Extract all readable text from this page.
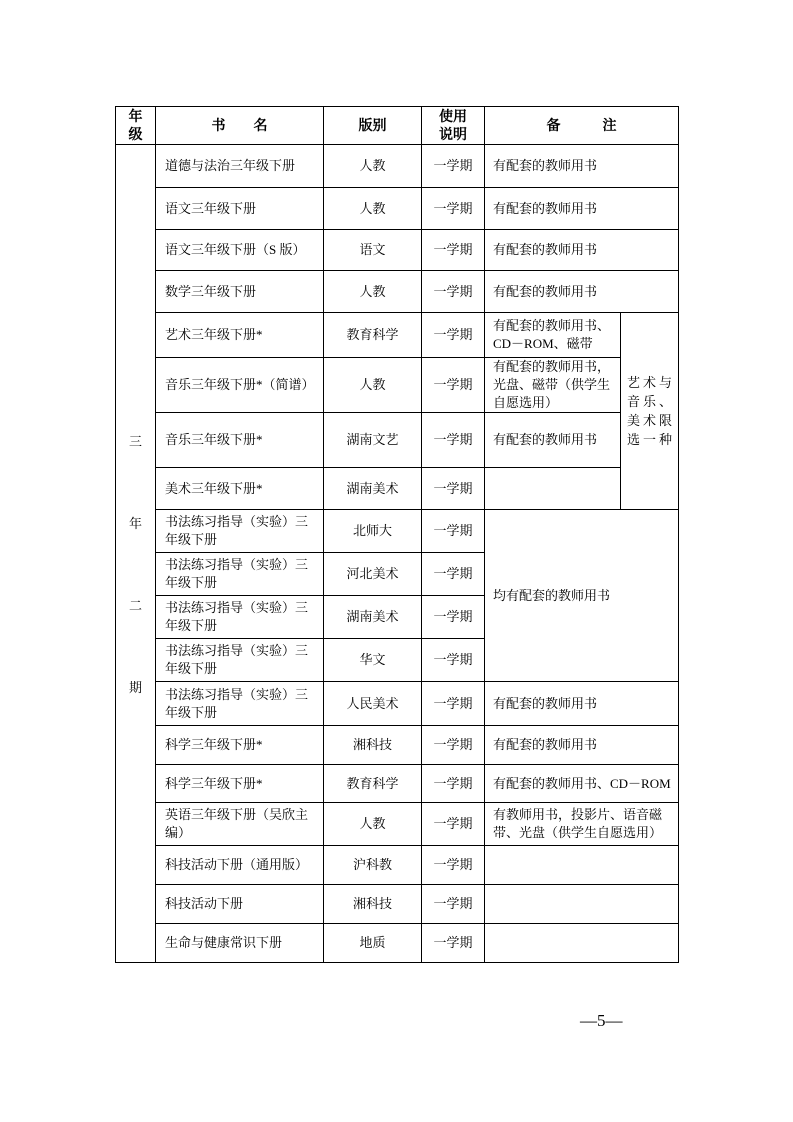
年级	书　　名	版别	使用说明	备　　　注	
三年二期	道德与法治三年级下册	人教	一学期	有配套的教师用书	
	语文三年级下册	人教	一学期	有配套的教师用书	
	语文三年级下册（S 版）	语文	一学期	有配套的教师用书	
	数学三年级下册	人教	一学期	有配套的教师用书	
	艺术三年级下册*	教育科学	一学期	有配套的教师用书、CD－ROM、磁带	艺术与音乐、美术限选一种
	音乐三年级下册*（简谱）	人教	一学期	有配套的教师用书，光盘、磁带（供学生自愿选用）	
	音乐三年级下册*	湖南文艺	一学期	有配套的教师用书	
	美术三年级下册*	湖南美术	一学期		
	书法练习指导（实验）三年级下册	北师大	一学期	均有配套的教师用书	
	书法练习指导（实验）三年级下册	河北美术	一学期		
	书法练习指导（实验）三年级下册	湖南美术	一学期		
	书法练习指导（实验）三年级下册	华文	一学期		
	书法练习指导（实验）三年级下册	人民美术	一学期	有配套的教师用书	
	科学三年级下册*	湘科技	一学期	有配套的教师用书	
	科学三年级下册*	教育科学	一学期	有配套的教师用书、CD－ROM	
	英语三年级下册（吴欣主编）	人教	一学期	有教师用书，投影片、语音磁带、光盘（供学生自愿选用）	
	科技活动下册（通用版）	沪科教	一学期		
	科技活动下册	湘科技	一学期		
	生命与健康常识下册	地质	一学期		
—5—
